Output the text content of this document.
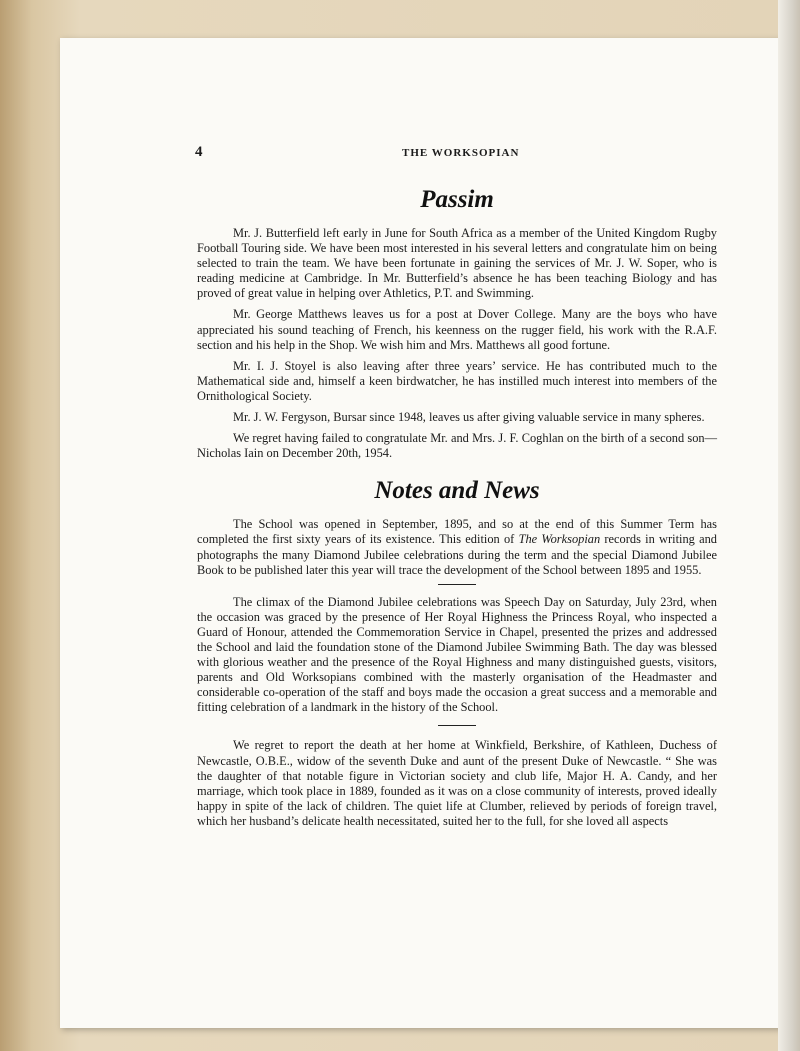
4	THE WORKSOPIAN
Passim

Mr. J. Butterfield left early in June for South Africa as a member of the United Kingdom Rugby Football Touring side. We have been most interested in his several letters and congratulate him on being selected to train the team. We have been fortunate in gaining the services of Mr. J. W. Soper, who is reading medicine at Cambridge. In Mr. Butterfield’s absence he has been teaching Biology and has proved of great value in helping over Athletics, P.T. and Swimming.

Mr. George Matthews leaves us for a post at Dover College. Many are the boys who have appreciated his sound teaching of French, his keenness on the rugger field, his work with the R.A.F. section and his help in the Shop. We wish him and Mrs. Matthews all good fortune.

Mr. I. J. Stoyel is also leaving after three years’ service. He has contributed much to the Mathematical side and, himself a keen birdwatcher, he has instilled much interest into members of the Ornithological Society.

Mr. J. W. Fergyson, Bursar since 1948, leaves us after giving valuable service in many spheres.

We regret having failed to congratulate Mr. and Mrs. J. F. Coghlan on the birth of a second son—Nicholas Iain on December 20th, 1954.

Notes and News

The School was opened in September, 1895, and so at the end of this Summer Term has completed the first sixty years of its existence. This edition of The Worksopian records in writing and photographs the many Diamond Jubilee celebrations during the term and the special Diamond Jubilee Book to be published later this year will trace the development of the School between 1895 and 1955.

The climax of the Diamond Jubilee celebrations was Speech Day on Saturday, July 23rd, when the occasion was graced by the presence of Her Royal Highness the Princess Royal, who inspected a Guard of Honour, attended the Commemoration Service in Chapel, presented the prizes and addressed the School and laid the foundation stone of the Diamond Jubilee Swimming Bath. The day was blessed with glorious weather and the presence of the Royal Highness and many distinguished guests, visitors, parents and Old Worksopians combined with the masterly organisation of the Headmaster and considerable co-operation of the staff and boys made the occasion a great success and a memorable and fitting celebration of a landmark in the history of the School.

We regret to report the death at her home at Winkfield, Berkshire, of Kathleen, Duchess of Newcastle, O.B.E., widow of the seventh Duke and aunt of the present Duke of Newcastle. “ She was the daughter of that notable figure in Victorian society and club life, Major H. A. Candy, and her marriage, which took place in 1889, founded as it was on a close community of interests, proved ideally happy in spite of the lack of children. The quiet life at Clumber, relieved by periods of foreign travel, which her husband’s delicate health necessitated, suited her to the full, for she loved all aspects
